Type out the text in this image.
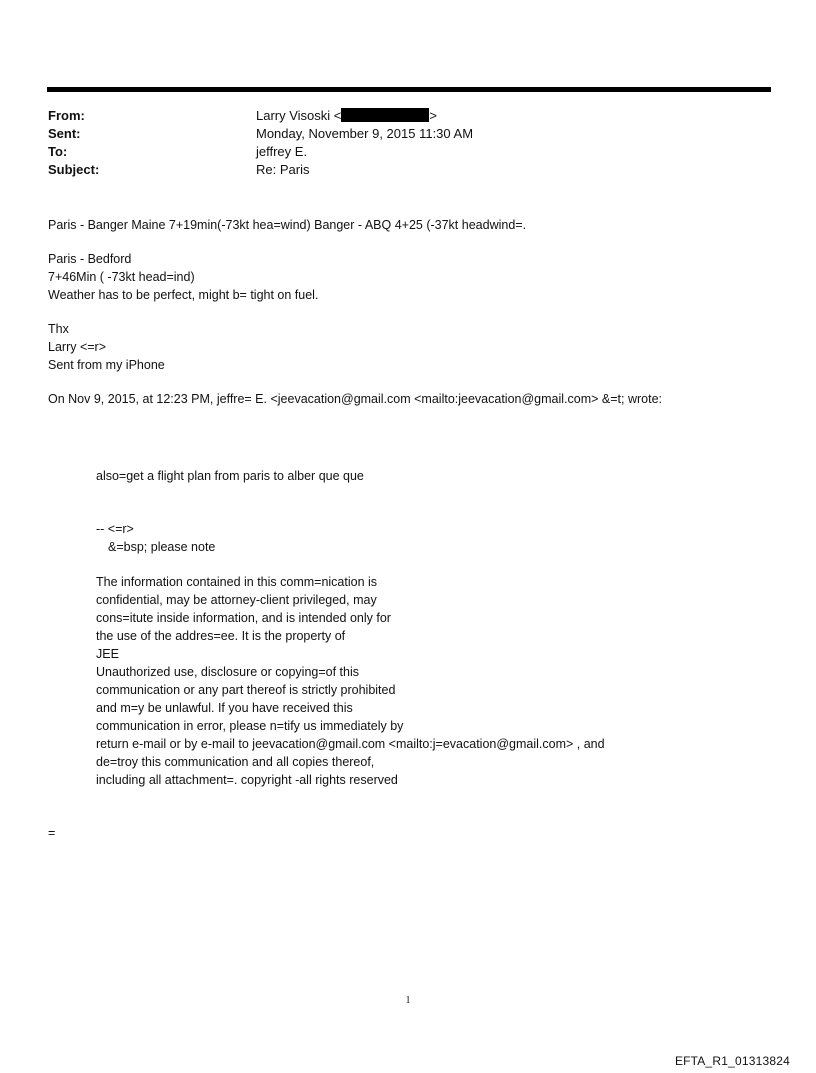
From:	Larry Visoski <	>
Sent:	Monday, November 9, 2015 11:30 AM
To:	jeffrey E.
Subject:	Re: Paris
Paris - Banger Maine 7+19min(-73kt hea=wind) Banger - ABQ 4+25 (-37kt headwind=.
Paris - Bedford
7+46Min ( -73kt head=ind)
Weather has to be perfect, might b= tight on fuel.
Thx
Larry <=r>
Sent from my iPhone
On Nov 9, 2015, at 12:23 PM, jeffre= E. <jeevacation@gmail.com <mailto:jeevacation@gmail.com> &=t; wrote:
also=get a flight plan from paris to alber que que
-- <=r>
&=bsp; please note
The information contained in this comm=nication is
confidential, may be attorney-client privileged, may
cons=itute inside information, and is intended only for
the use of the addres=ee. It is the property of
JEE
Unauthorized use, disclosure or copying=of this
communication or any part thereof is strictly prohibited
and m=y be unlawful. If you have received this
communication in error, please n=tify us immediately by
return e-mail or by e-mail to jeevacation@gmail.com <mailto:j=evacation@gmail.com> , and
de=troy this communication and all copies thereof,
including all attachment=. copyright -all rights reserved
=
1
EFTA_R1_01313824
